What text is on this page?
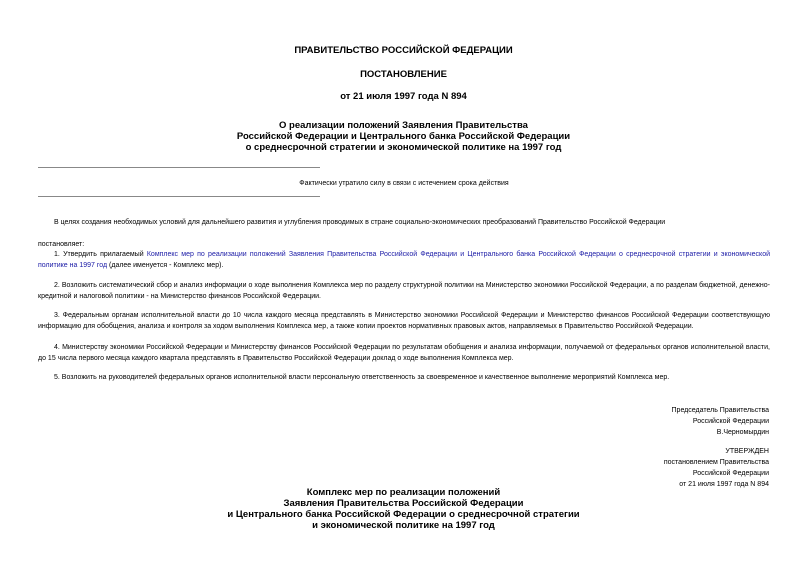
ПРАВИТЕЛЬСТВО РОССИЙСКОЙ ФЕДЕРАЦИИ
ПОСТАНОВЛЕНИЕ
от 21 июля 1997 года N 894
О реализации положений Заявления Правительства
Российской Федерации и Центрального банка Российской Федерации
о среднесрочной стратегии и экономической политике на 1997 год
Фактически утратило силу в связи с истечением срока действия

В целях создания необходимых условий для дальнейшего развития и углубления проводимых в стране социально-экономических преобразований Правительство Российской Федерации

постановляет:

1. Утвердить прилагаемый Комплекс мер по реализации положений Заявления Правительства Российской Федерации и Центрального банка Российской Федерации о среднесрочной стратегии и экономической политике на 1997 год (далее именуется - Комплекс мер).

2. Возложить систематический сбор и анализ информации о ходе выполнения Комплекса мер по разделу структурной политики на Министерство экономики Российской Федерации, а по разделам бюджетной, денежно-кредитной и налоговой политики - на Министерство финансов Российской Федерации.

3. Федеральным органам исполнительной власти до 10 числа каждого месяца представлять в Министерство экономики Российской Федерации и Министерство финансов Российской Федерации соответствующую информацию для обобщения, анализа и контроля за ходом выполнения Комплекса мер, а также копии проектов нормативных правовых актов, направляемых в Правительство Российской Федерации.

4. Министерству экономики Российской Федерации и Министерству финансов Российской Федерации по результатам обобщения и анализа информации, получаемой от федеральных органов исполнительной власти, до 15 числа первого месяца каждого квартала представлять в Правительство Российской Федерации доклад о ходе выполнения Комплекса мер.

5. Возложить на руководителей федеральных органов исполнительной власти персональную ответственность за своевременное и качественное выполнение мероприятий Комплекса мер.

Председатель Правительства
Российской Федерации
В.Черномырдин
УТВЕРЖДЕН
постановлением Правительства
Российской Федерации
от 21 июля 1997 года N 894
Комплекс мер по реализации положений
Заявления Правительства Российской Федерации
и Центрального банка Российской Федерации о среднесрочной стратегии
и экономической политике на 1997 год
